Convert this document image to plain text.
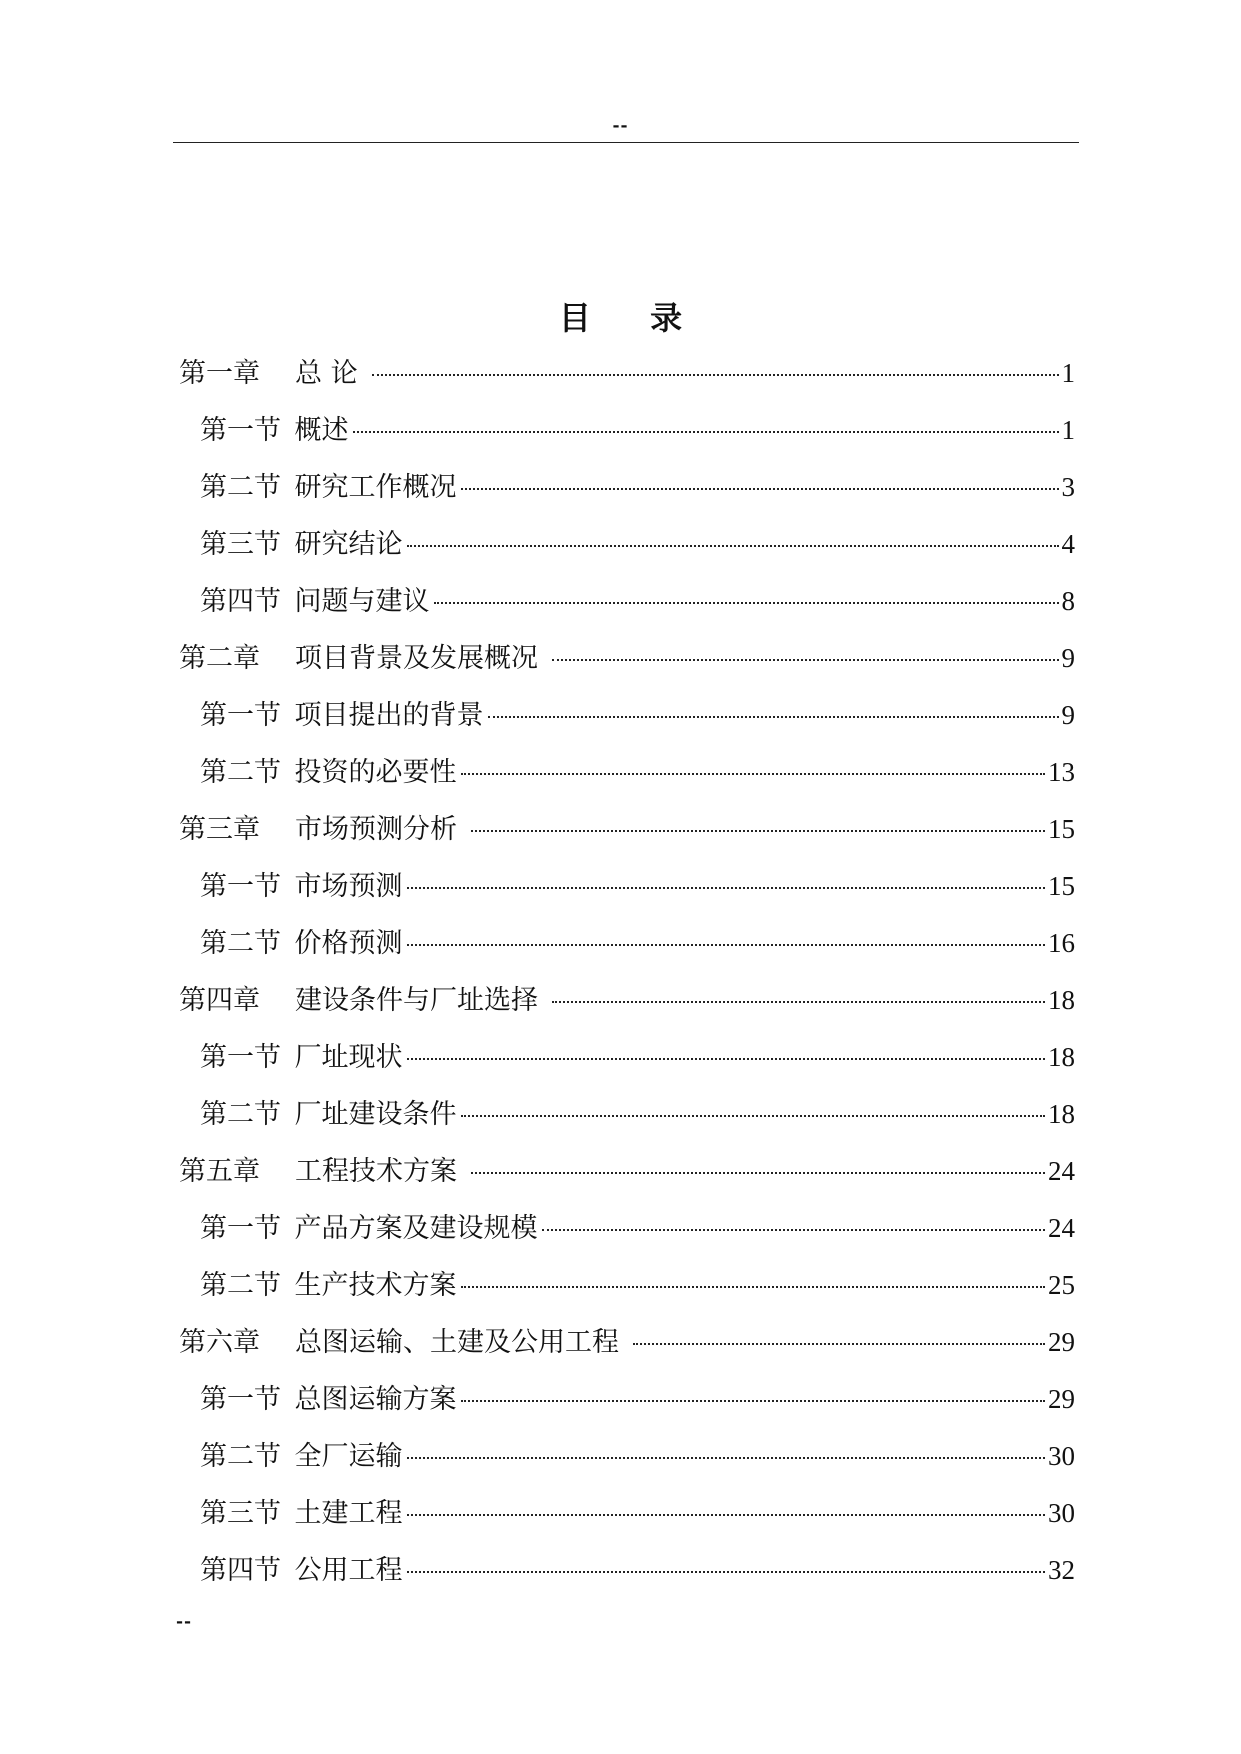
--
目 录
第一章 总 论	1
第一节  概述	1
第二节  研究工作概况	3
第三节  研究结论	4
第四节  问题与建议	8
第二章 项目背景及发展概况	9
第一节  项目提出的背景	9
第二节  投资的必要性	13
第三章 市场预测分析	15
第一节  市场预测	15
第二节  价格预测	16
第四章 建设条件与厂址选择	18
第一节  厂址现状	18
第二节  厂址建设条件	18
第五章 工程技术方案	24
第一节  产品方案及建设规模	24
第二节  生产技术方案	25
第六章 总图运输、土建及公用工程	29
第一节  总图运输方案	29
第二节  全厂运输	30
第三节  土建工程	30
第四节  公用工程	32
--
